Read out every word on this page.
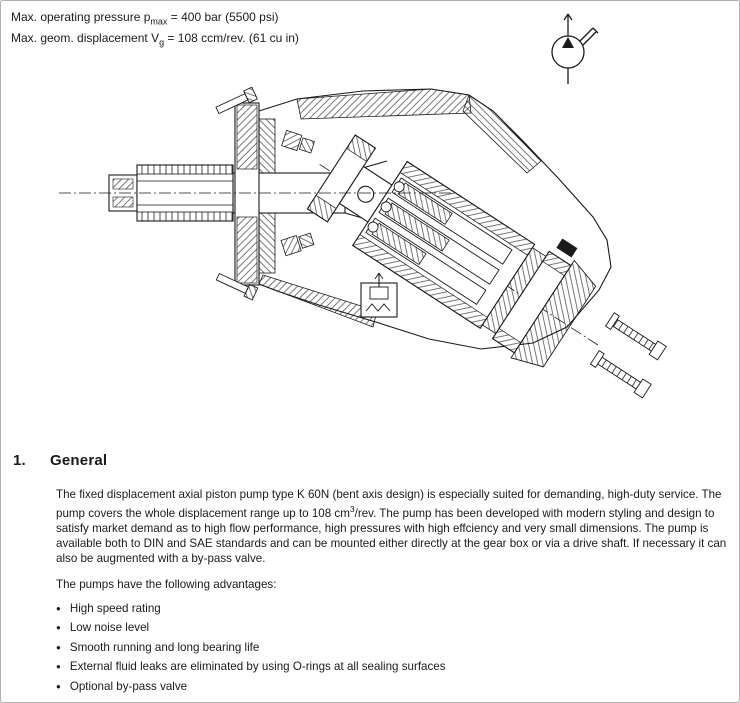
Max. operating pressure $p_{max} = 400$ bar (5500 psi)
Max. geom. displacement $V_g = 108$ ccm/rev. (61 cu in)
1.	General

The fixed displacement axial piston pump type K 60N (bent axis design) is especially suited for demanding, high-duty service. The pump covers the whole displacement range up to 108 $cm^3$/rev. The pump has been developed with modern styling and design to satisfy market demand as to high flow performance, high pressures with high effciency and very small dimensions. The pump is available both to DIN and SAE standards and can be mounted either directly at the gear box or via a drive shaft. If necessary it can also be augmented with a by-pass valve.

The pumps have the following advantages:

● High speed rating
● Low noise level
● Smooth running and long bearing life
● External fluid leaks are eliminated by using O-rings at all sealing surfaces
● Optional by-pass valve
